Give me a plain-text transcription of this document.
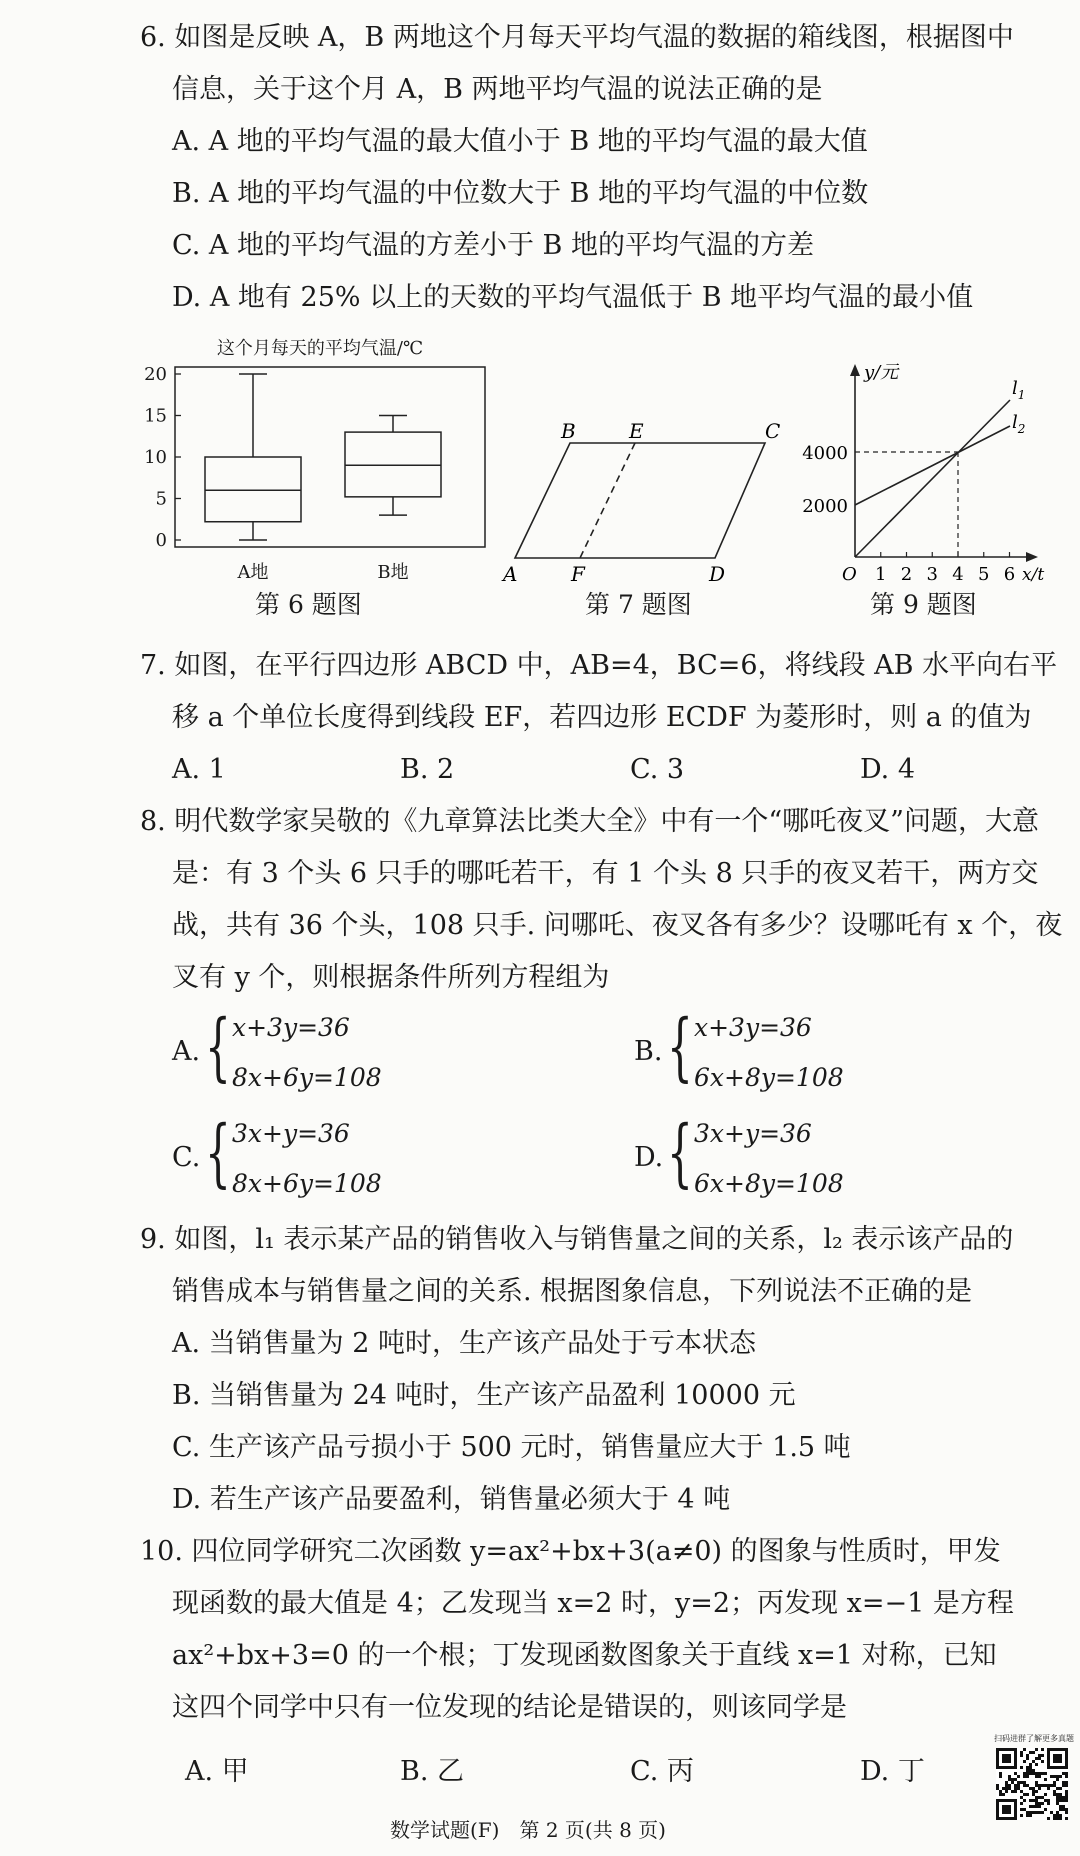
6. 如图是反映 A，B 两地这个月每天平均气温的数据的箱线图，根据图中
信息，关于这个月 A，B 两地平均气温的说法正确的是
A. A 地的平均气温的最大值小于 B 地的平均气温的最大值
B. A 地的平均气温的中位数大于 B 地的平均气温的中位数
C. A 地的平均气温的方差小于 B 地的平均气温的方差
D. A 地有 25% 以上的天数的平均气温低于 B 地平均气温的最小值
这个月每天的平均气温/℃
0
5
10
15
20
A地	B地
第 6 题图
A	F	D
B	E	C
第 7 题图
y/元
O 1 2 3 4 5 6 x/t
4000
2000
$l_1$
$l_2$
第 9 题图
7. 如图，在平行四边形 ABCD 中，AB=4，BC=6，将线段 AB 水平向右平
移 a 个单位长度得到线段 EF，若四边形 ECDF 为菱形时，则 a 的值为
A. 1	B. 2	C. 3	D. 4
8. 明代数学家吴敬的《九章算法比类大全》中有一个“哪吒夜叉”问题，大意
是：有 3 个头 6 只手的哪吒若干，有 1 个头 8 只手的夜叉若干，两方交
战，共有 36 个头，108 只手. 问哪吒、夜叉各有多少？设哪吒有 x 个，夜
叉有 y 个，则根据条件所列方程组为
A. { x+3y=36
8x+6y=108
B. { x+3y=36
6x+8y=108
C. { 3x+y=36
8x+6y=108
D. { 3x+y=36
6x+8y=108
9. 如图，l₁ 表示某产品的销售收入与销售量之间的关系，l₂ 表示该产品的
销售成本与销售量之间的关系. 根据图象信息，下列说法不正确的是
A. 当销售量为 2 吨时，生产该产品处于亏本状态
B. 当销售量为 24 吨时，生产该产品盈利 10000 元
C. 生产该产品亏损小于 500 元时，销售量应大于 1.5 吨
D. 若生产该产品要盈利，销售量必须大于 4 吨
10. 四位同学研究二次函数 y=ax²+bx+3(a≠0) 的图象与性质时，甲发
现函数的最大值是 4；乙发现当 x=2 时，y=2；丙发现 x=−1 是方程
ax²+bx+3=0 的一个根；丁发现函数图象关于直线 x=1 对称，已知
这四个同学中只有一位发现的结论是错误的，则该同学是
A. 甲	B. 乙	C. 丙	D. 丁
数学试题(F)　第 2 页(共 8 页)
扫码进群了解更多真题
